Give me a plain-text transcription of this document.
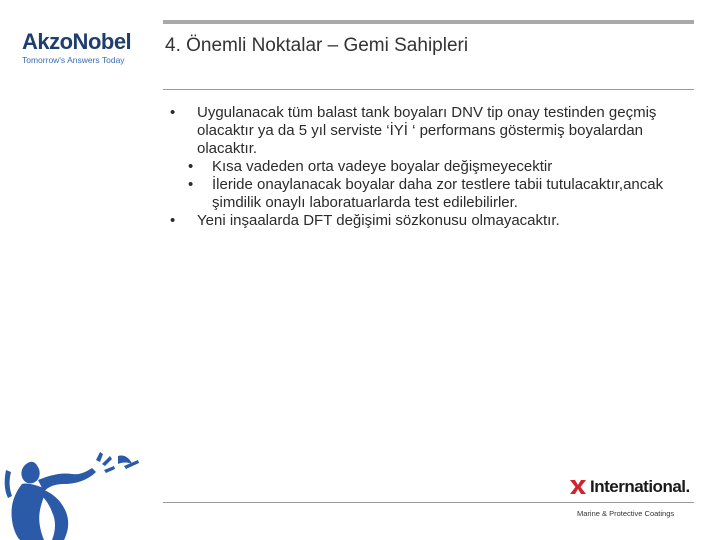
AkzoNobel
Tomorrow's Answers Today
4. Önemli Noktalar – Gemi Sahipleri
• Uygulanacak tüm balast tank boyaları DNV tip onay testinden geçmiş olacaktır ya da 5 yıl serviste ‘İYİ ‘ performans göstermiş boyalardan olacaktır.
• Kısa vadeden orta vadeye boyalar değişmeyecektir
• İleride onaylanacak boyalar daha zor testlere tabii tutulacaktır,ancak şimdilik onaylı laboratuarlarda test edilebilirler.
• Yeni inşaalarda DFT değişimi sözkonusu olmayacaktır.
International.
Marine & Protective Coatings
